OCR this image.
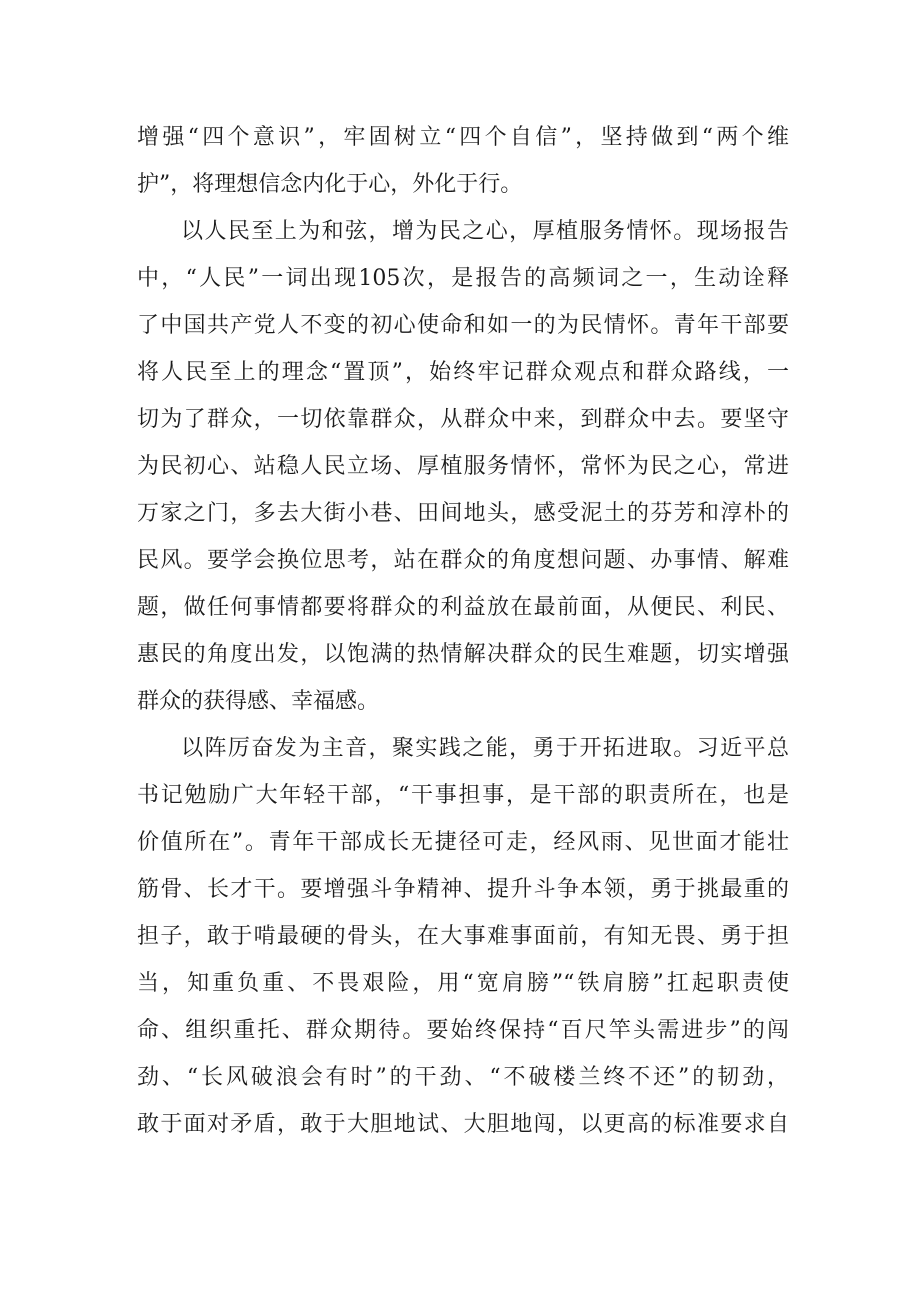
增强“四个意识”，牢固树立“四个自信”，坚持做到“两个维
护”，将理想信念内化于心，外化于行。
以人民至上为和弦，增为民之心，厚植服务情怀。现场报告
中，“人民”一词出现105次，是报告的高频词之一，生动诠释
了中国共产党人不变的初心使命和如一的为民情怀。青年干部要
将人民至上的理念“置顶”，始终牢记群众观点和群众路线，一
切为了群众，一切依靠群众，从群众中来，到群众中去。要坚守
为民初心、站稳人民立场、厚植服务情怀，常怀为民之心，常进
万家之门，多去大街小巷、田间地头，感受泥土的芬芳和淳朴的
民风。要学会换位思考，站在群众的角度想问题、办事情、解难
题，做任何事情都要将群众的利益放在最前面，从便民、利民、
惠民的角度出发，以饱满的热情解决群众的民生难题，切实增强
群众的获得感、幸福感。
以阵厉奋发为主音，聚实践之能，勇于开拓进取。习近平总
书记勉励广大年轻干部，“干事担事，是干部的职责所在，也是
价值所在”。青年干部成长无捷径可走，经风雨、见世面才能壮
筋骨、长才干。要增强斗争精神、提升斗争本领，勇于挑最重的
担子，敢于啃最硬的骨头，在大事难事面前，有知无畏、勇于担
当，知重负重、不畏艰险，用“宽肩膀”“铁肩膀”扛起职责使
命、组织重托、群众期待。要始终保持“百尺竿头需进步”的闯
劲、“长风破浪会有时”的干劲、“不破楼兰终不还”的韧劲，
敢于面对矛盾，敢于大胆地试、大胆地闯，以更高的标准要求自
